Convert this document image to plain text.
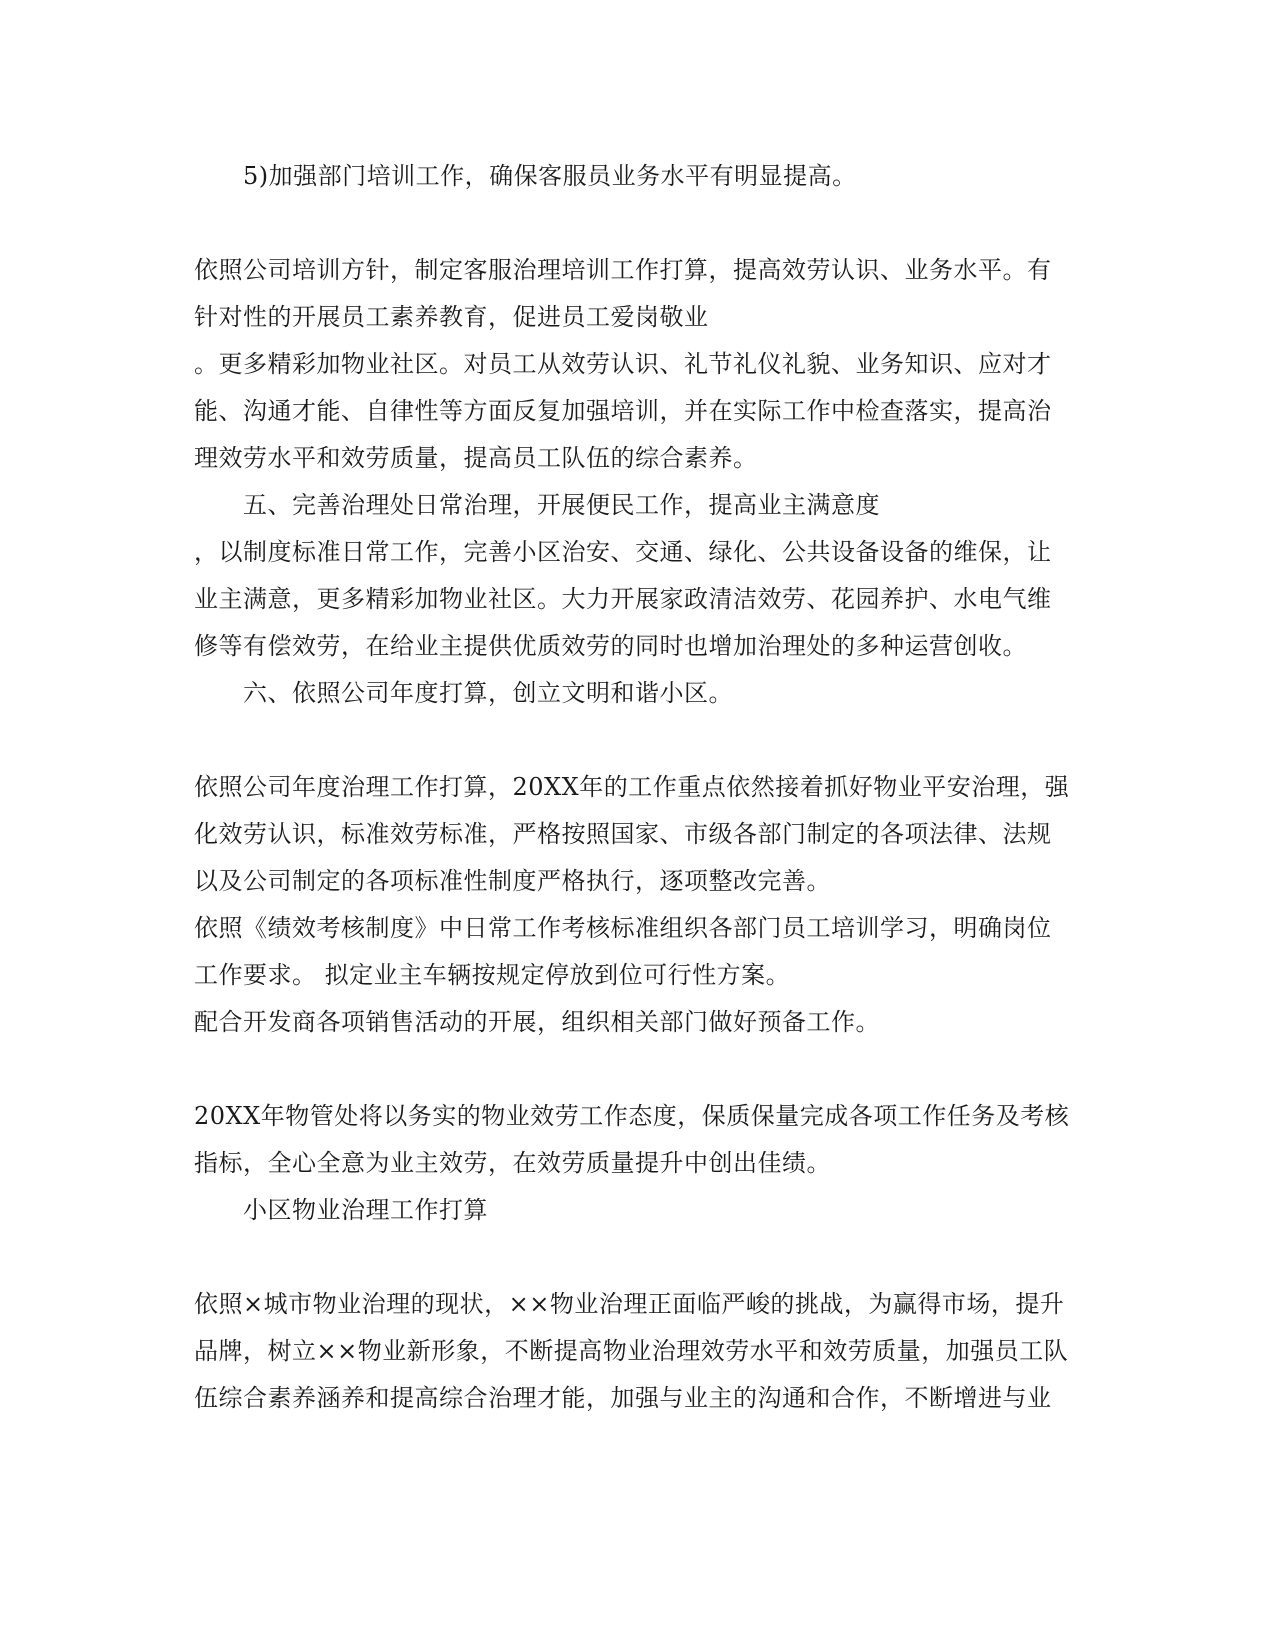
5)加强部门培训工作，确保客服员业务水平有明显提高。
依照公司培训方针，制定客服治理培训工作打算，提高效劳认识、业务水平。有
针对性的开展员工素养教育，促进员工爱岗敬业
。更多精彩加物业社区。对员工从效劳认识、礼节礼仪礼貌、业务知识、应对才
能、沟通才能、自律性等方面反复加强培训，并在实际工作中检查落实，提高治
理效劳水平和效劳质量，提高员工队伍的综合素养。
五、完善治理处日常治理，开展便民工作，提高业主满意度
，以制度标准日常工作，完善小区治安、交通、绿化、公共设备设备的维保，让
业主满意，更多精彩加物业社区。大力开展家政清洁效劳、花园养护、水电气维
修等有偿效劳，在给业主提供优质效劳的同时也增加治理处的多种运营创收。
六、依照公司年度打算，创立文明和谐小区。
依照公司年度治理工作打算，20XX年的工作重点依然接着抓好物业平安治理，强
化效劳认识，标准效劳标准，严格按照国家、市级各部门制定的各项法律、法规
以及公司制定的各项标准性制度严格执行，逐项整改完善。
依照《绩效考核制度》中日常工作考核标准组织各部门员工培训学习，明确岗位
工作要求。 拟定业主车辆按规定停放到位可行性方案。
配合开发商各项销售活动的开展，组织相关部门做好预备工作。
20XX年物管处将以务实的物业效劳工作态度，保质保量完成各项工作任务及考核
指标，全心全意为业主效劳，在效劳质量提升中创出佳绩。
小区物业治理工作打算
依照×城市物业治理的现状，××物业治理正面临严峻的挑战，为赢得市场，提升
品牌，树立××物业新形象，不断提高物业治理效劳水平和效劳质量，加强员工队
伍综合素养涵养和提高综合治理才能，加强与业主的沟通和合作，不断增进与业
